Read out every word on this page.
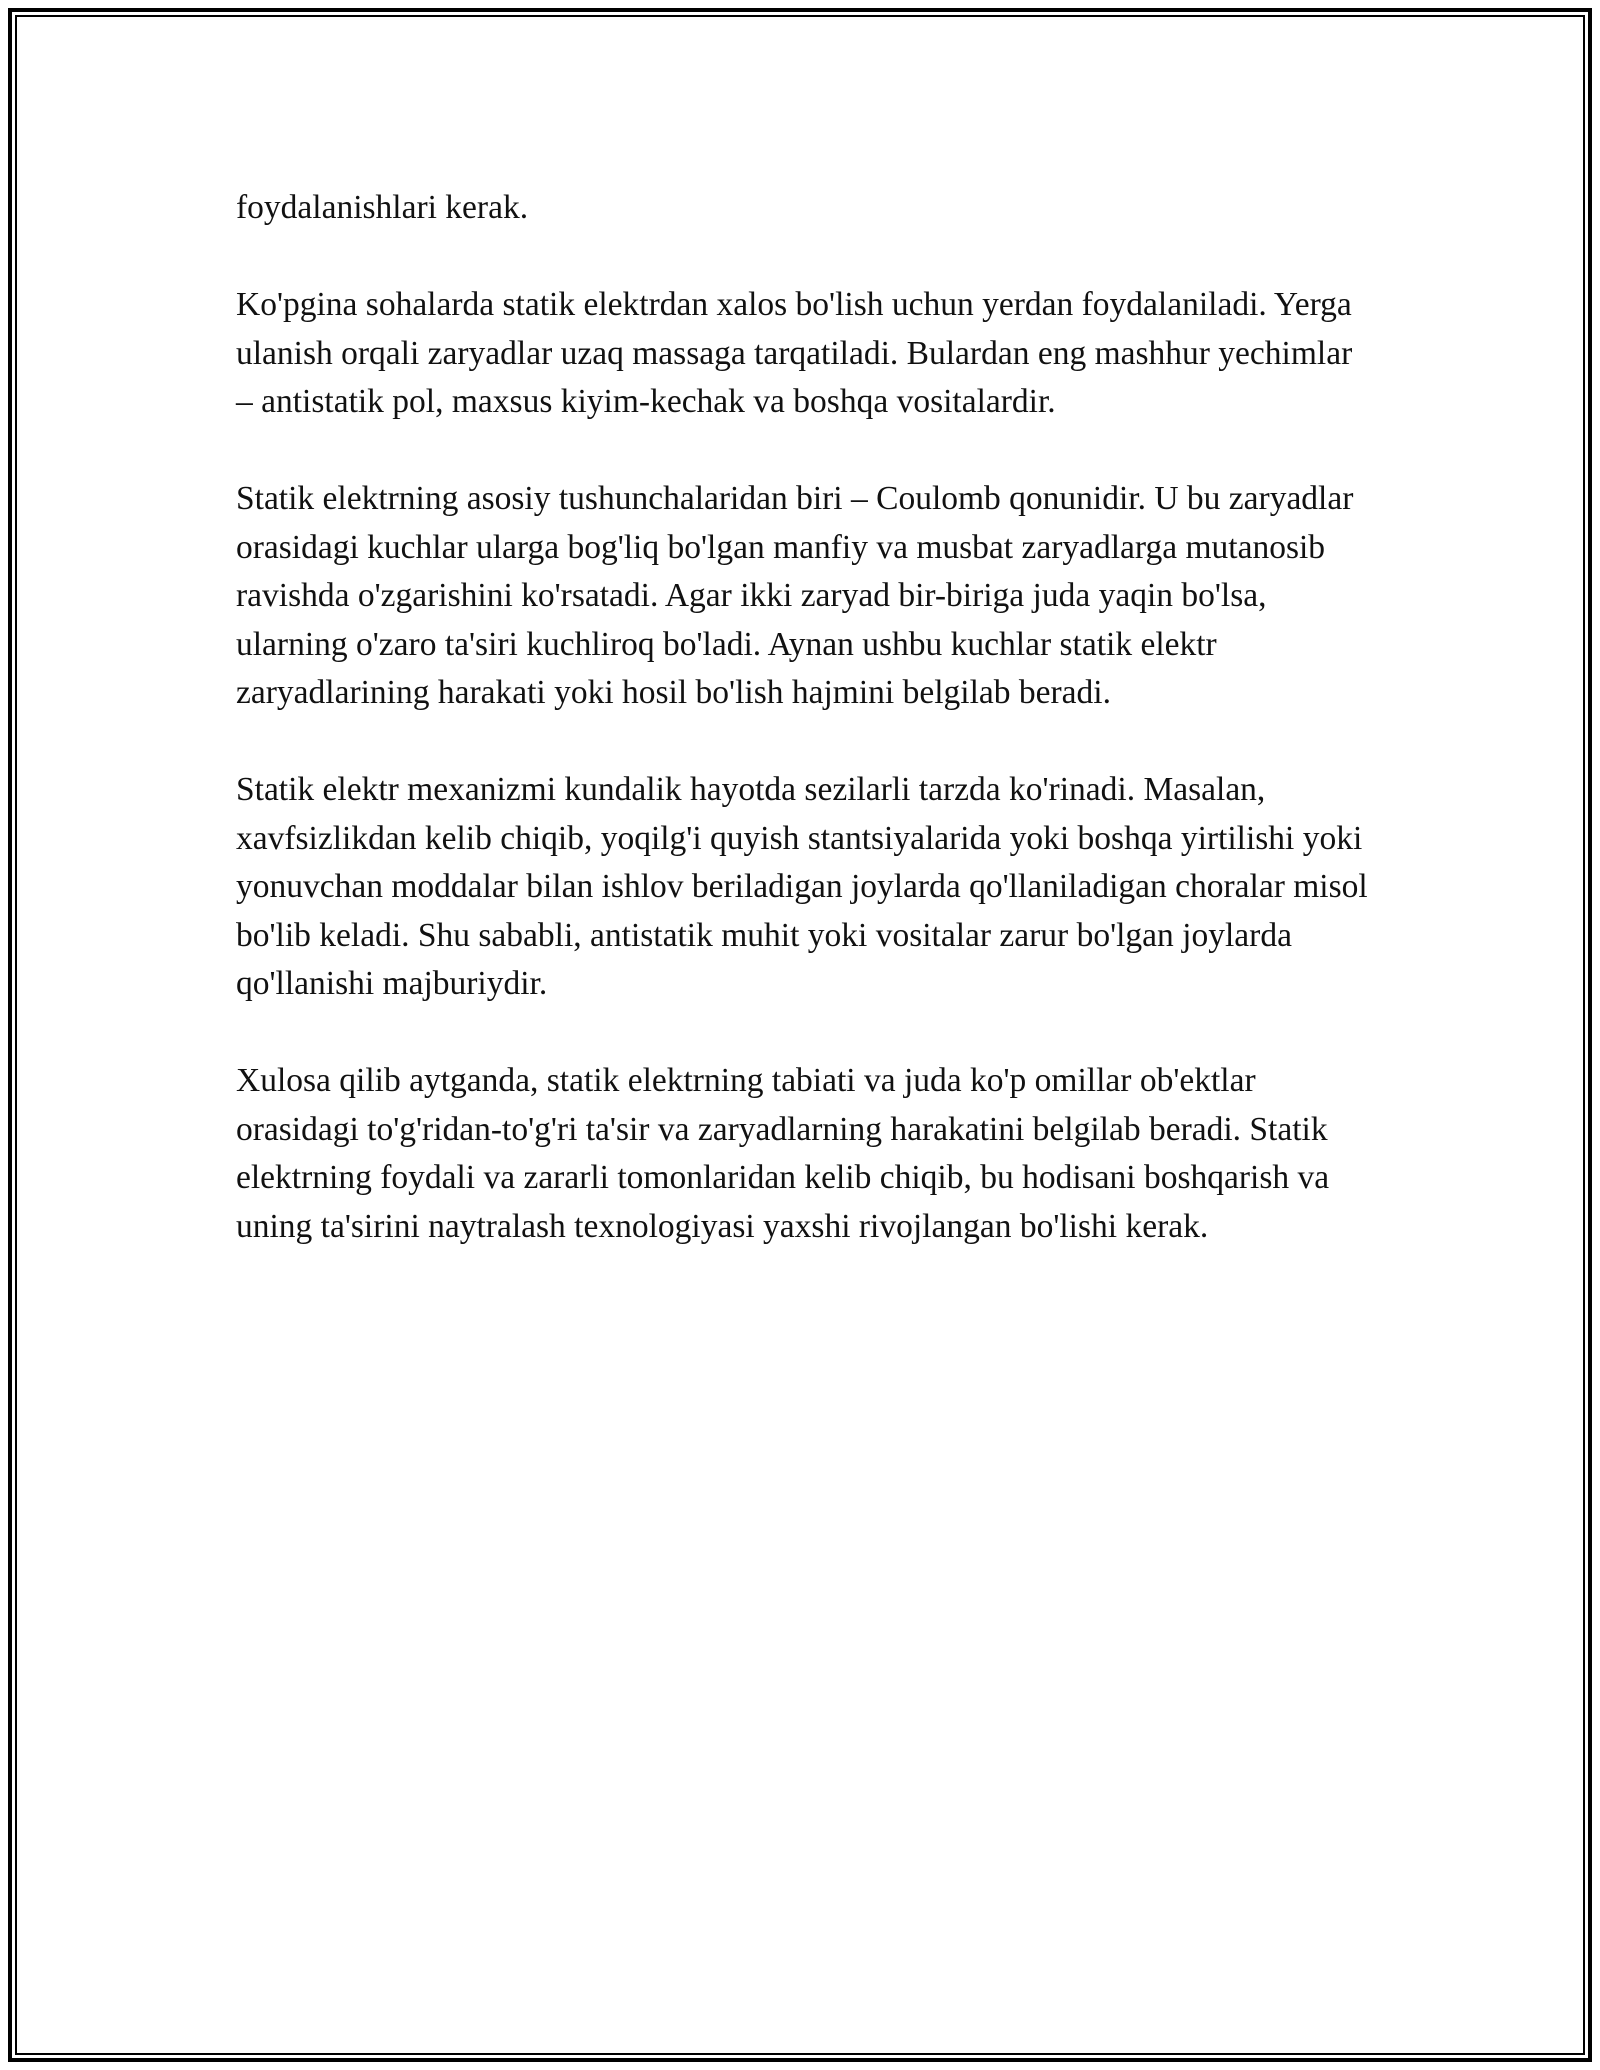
foydalanishlari kerak.

Ko'pgina sohalarda statik elektrdan xalos bo'lish uchun yerdan foydalaniladi. Yerga ulanish orqali zaryadlar uzaq massaga tarqatiladi. Bulardan eng mashhur yechimlar – antistatik pol, maxsus kiyim-kechak va boshqa vositalardir.

Statik elektrning asosiy tushunchalaridan biri – Coulomb qonunidir. U bu zaryadlar orasidagi kuchlar ularga bog'liq bo'lgan manfiy va musbat zaryadlarga mutanosib ravishda o'zgarishini ko'rsatadi. Agar ikki zaryad bir-biriga juda yaqin bo'lsa, ularning o'zaro ta'siri kuchliroq bo'ladi. Aynan ushbu kuchlar statik elektr zaryadlarining harakati yoki hosil bo'lish hajmini belgilab beradi.

Statik elektr mexanizmi kundalik hayotda sezilarli tarzda ko'rinadi. Masalan, xavfsizlikdan kelib chiqib, yoqilg'i quyish stantsiyalarida yoki boshqa yirtilishi yoki yonuvchan moddalar bilan ishlov beriladigan joylarda qo'llaniladigan choralar misol bo'lib keladi. Shu sababli, antistatik muhit yoki vositalar zarur bo'lgan joylarda qo'llanishi majburiydir.

Xulosa qilib aytganda, statik elektrning tabiati va juda ko'p omillar ob'ektlar orasidagi to'g'ridan-to'g'ri ta'sir va zaryadlarning harakatini belgilab beradi. Statik elektrning foydali va zararli tomonlaridan kelib chiqib, bu hodisani boshqarish va uning ta'sirini naytralash texnologiyasi yaxshi rivojlangan bo'lishi kerak.
